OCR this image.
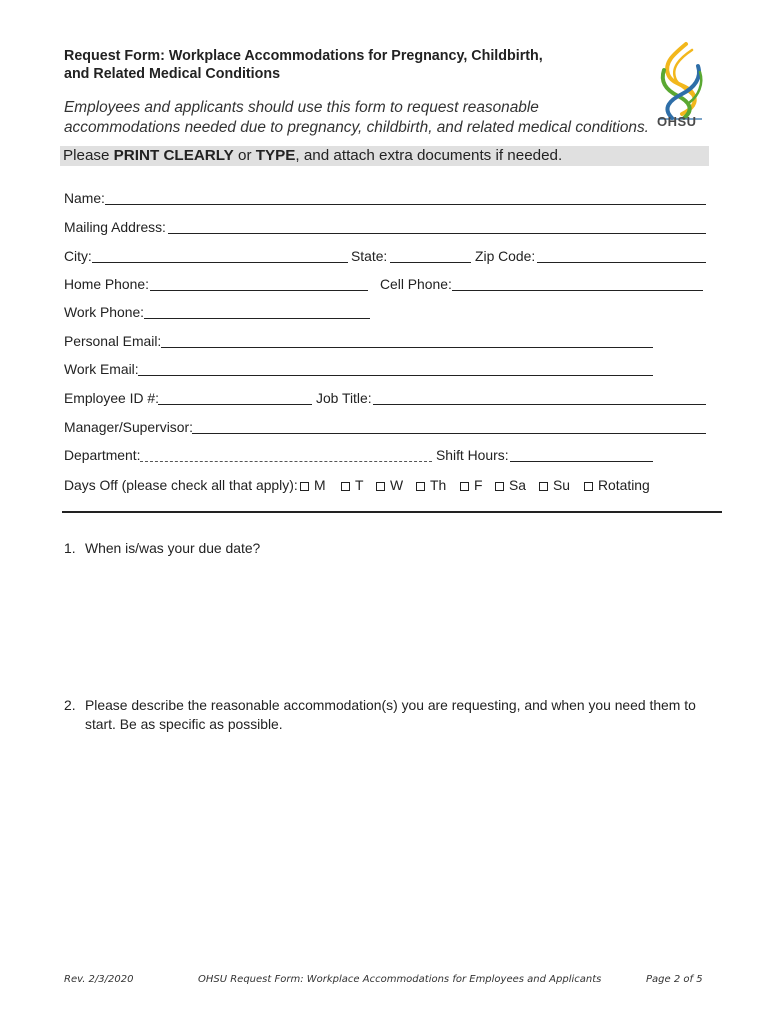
Request Form: Workplace Accommodations for Pregnancy, Childbirth,
and Related Medical Conditions
Employees and applicants should use this form to request reasonable
accommodations needed due to pregnancy, childbirth, and related medical conditions. OHSU
Please PRINT CLEARLY or TYPE, and attach extra documents if needed.
Name:
Mailing Address:
City:	State:	Zip Code:
Home Phone:	Cell Phone:
Work Phone:
Personal Email:
Work Email:
Employee ID #:	Job Title:
Manager/Supervisor:
Department:	Shift Hours:
Days Off (please check all that apply):	M	T	W	Th	F	Sa	Su	Rotating
1. When is/was your due date?
2. Please describe the reasonable accommodation(s) you are requesting, and when you need them to start. Be as specific as possible.
Rev. 2/3/2020	OHSU Request Form: Workplace Accommodations for Employees and Applicants	Page 2 of 5
